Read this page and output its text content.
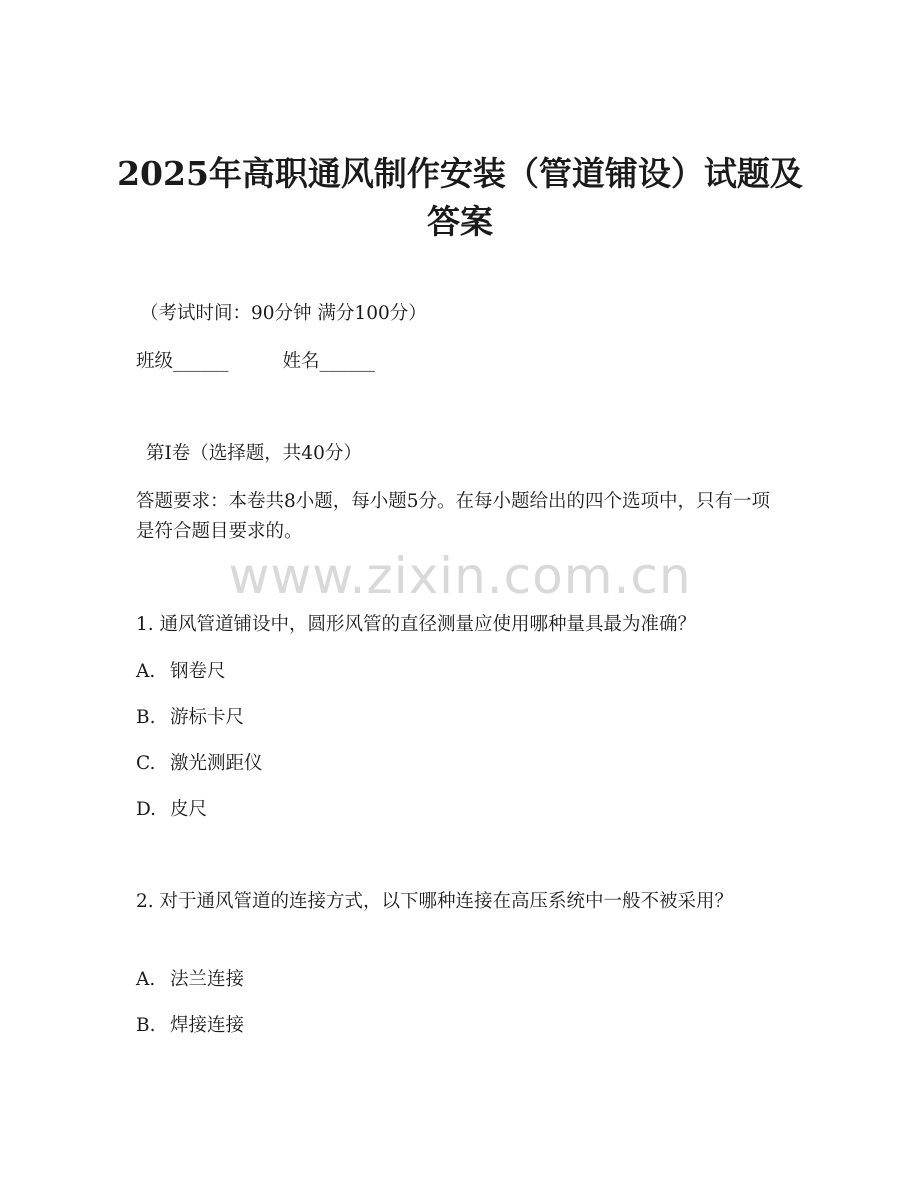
www.zixin.com.cn
2025年高职通风制作安装（管道铺设）试题及答案

（考试时间：90分钟 满分100分）

班级______	姓名______

第I卷（选择题，共40分）

答题要求：本卷共8小题，每小题5分。在每小题给出的四个选项中，只有一项是符合题目要求的。

1. 通风管道铺设中，圆形风管的直径测量应使用哪种量具最为准确？

A. 钢卷尺

B. 游标卡尺

C. 激光测距仪

D. 皮尺

2. 对于通风管道的连接方式，以下哪种连接在高压系统中一般不被采用？

A. 法兰连接

B. 焊接连接
